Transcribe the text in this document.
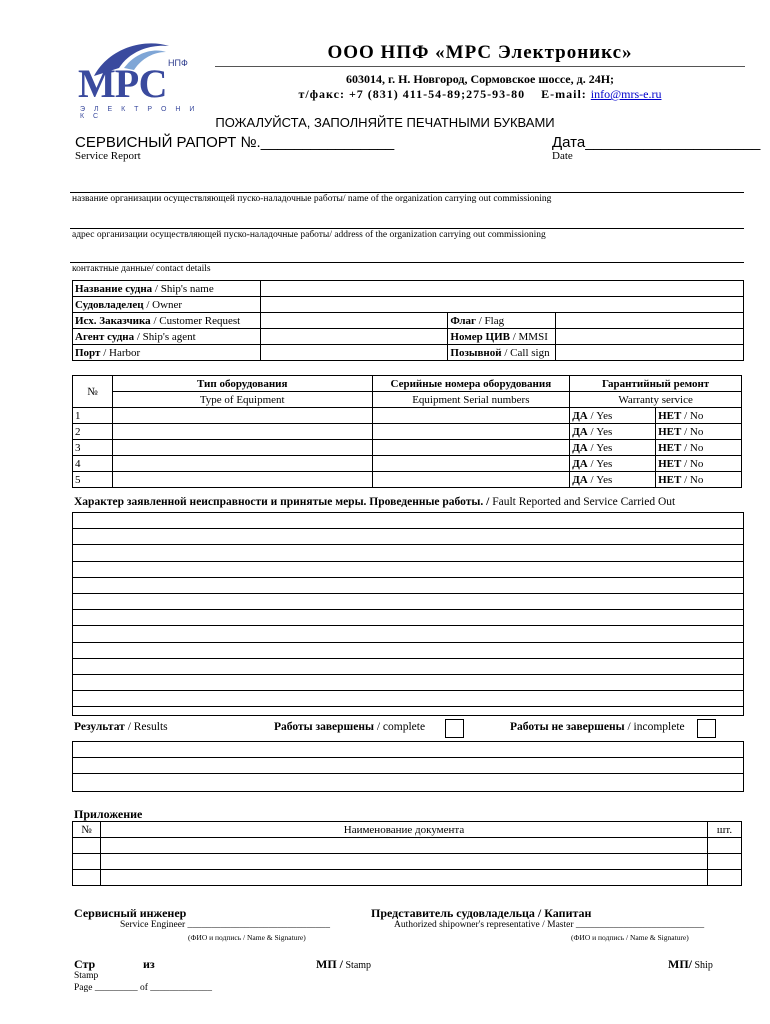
НПФ
МРС
Э Л Е К Т Р О Н И К С
ООО НПФ «МРС Электроникс»
603014, г. Н. Новгород, Сормовское шоссе, д. 24Н;
т/факс: +7 (831) 411-54-89;275-93-80 E-mail: info@mrs-e.ru
ПОЖАЛУЙСТА, ЗАПОЛНЯЙТЕ ПЕЧАТНЫМИ БУКВАМИ
СЕРВИСНЫЙ РАПОРТ №.________________
Service Report
Дата_____________________
Date
название организации осуществляющей пуско-наладочные работы/ name of the organization carrying out commissioning
адрес организации осуществляющей пуско-наладочные работы/ address of the organization carrying out commissioning
контактные данные/ contact details
Название судна / Ship's name			
Судовладелец / Owner			
Исх. Заказчика / Customer Request		Флаг / Flag	
Агент судна / Ship's agent		Номер ЦИВ / MMSI	
Порт / Harbor		Позывной / Call sign	
№	Тип оборудования	Серийные номера оборудования	Гарантийный ремонт	
	Type of Equipment	Equipment Serial numbers	Warranty service	
1			ДА / Yes	НЕТ / No
2			ДА / Yes	НЕТ / No
3			ДА / Yes	НЕТ / No
4			ДА / Yes	НЕТ / No
5			ДА / Yes	НЕТ / No
Характер заявленной неисправности и принятые меры. Проведенные работы. / Fault Reported and Service Carried Out
Результат / Results	Работы завершены / complete	Работы не завершены / incomplete
Приложение
№	Наименование документа	шт.

Сервисный инженер
Service Engineer ______________________________
(ФИО и подпись / Name & Signature)
Представитель судовладельца / Капитан
Authorized shipowner's representative / Master ___________________________
(ФИО и подпись / Name & Signature)
Стр	из	МП / Stamp	МП/ Ship
Stamp
Page _________ of _____________
